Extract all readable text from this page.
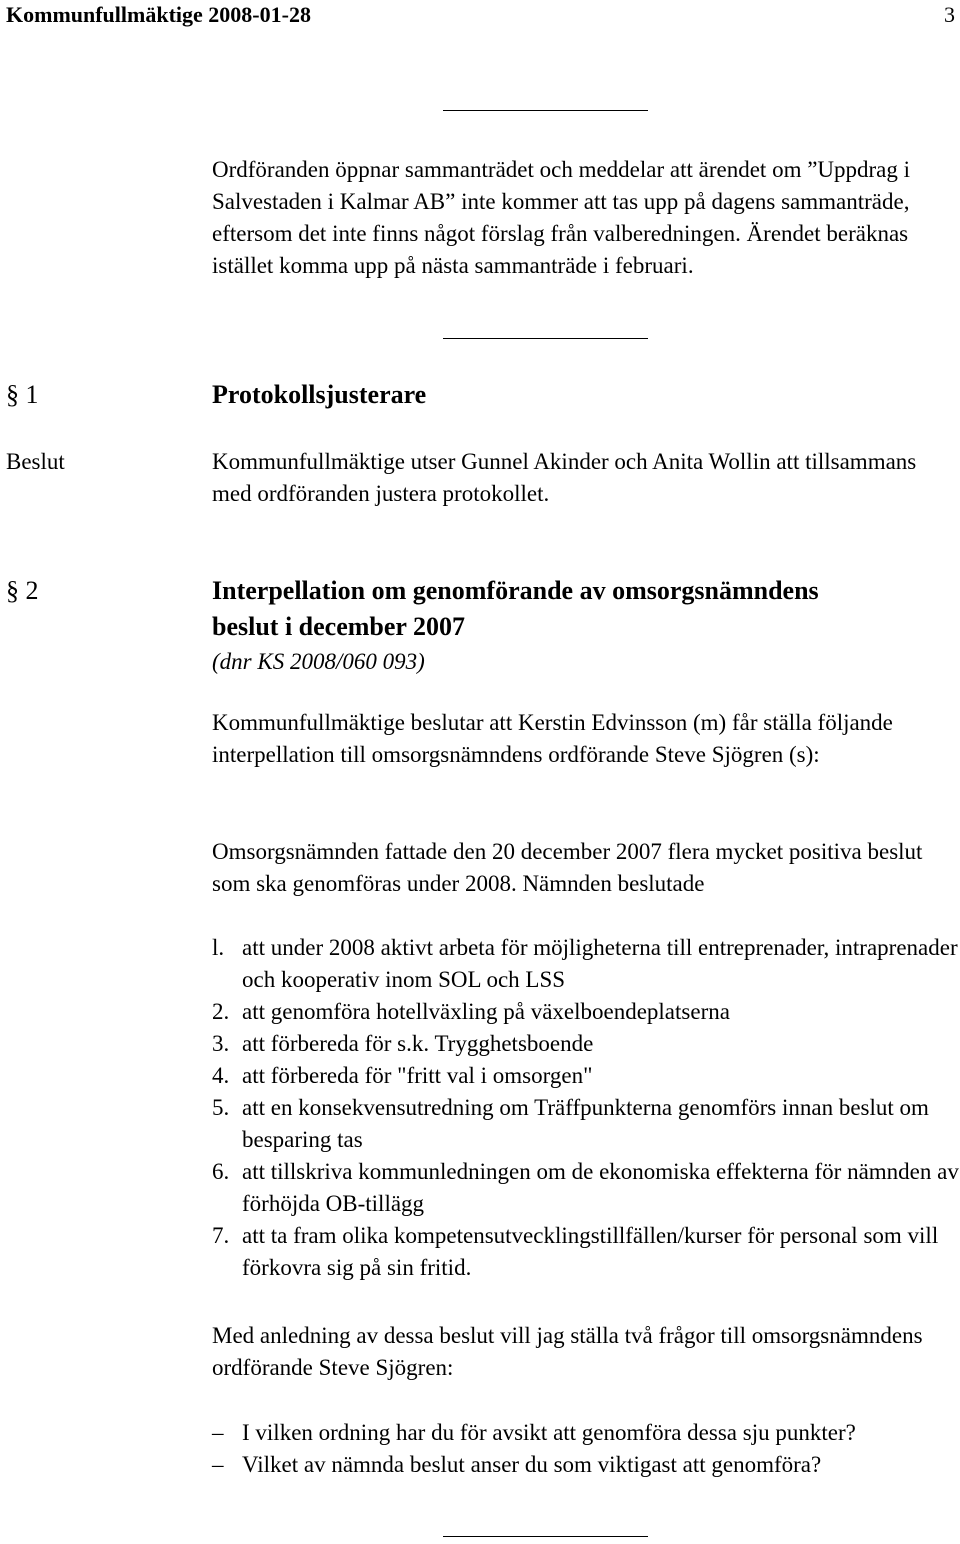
Kommunfullmäktige 2008-01-28	3

Ordföranden öppnar sammanträdet och meddelar att ärendet om ”Uppdrag i Salvestaden i Kalmar AB” inte kommer att tas upp på dagens sammanträde, eftersom det inte finns något förslag från valberedningen. Ärendet beräknas istället komma upp på nästa sammanträde i februari.

§ 1	Protokollsjusterare
Beslut	Kommunfullmäktige utser Gunnel Akinder och Anita Wollin att tillsammans med ordföranden justera protokollet.

§ 2	Interpellation om genomförande av omsorgsnämndens
beslut i december 2007

(dnr KS 2008/060 093)

Kommunfullmäktige beslutar att Kerstin Edvinsson (m) får ställa följande interpellation till omsorgsnämndens ordförande Steve Sjögren (s):

Omsorgsnämnden fattade den 20 december 2007 flera mycket positiva beslut som ska genomföras under 2008. Nämnden beslutade

l. att under 2008 aktivt arbeta för möjligheterna till entreprenader, intraprenader och kooperativ inom SOL och LSS
2. att genomföra hotellväxling på växelboendeplatserna
3. att förbereda för s.k. Trygghetsboende
4. att förbereda för "fritt val i omsorgen"
5. att en konsekvensutredning om Träffpunkterna genomförs innan beslut om besparing tas
6. att tillskriva kommunledningen om de ekonomiska effekterna för nämnden av förhöjda OB-tillägg
7. att ta fram olika kompetensutvecklingstillfällen/kurser för personal som vill förkovra sig på sin fritid.

Med anledning av dessa beslut vill jag ställa två frågor till omsorgsnämndens ordförande Steve Sjögren:

– I vilken ordning har du för avsikt att genomföra dessa sju punkter?
– Vilket av nämnda beslut anser du som viktigast att genomföra?
